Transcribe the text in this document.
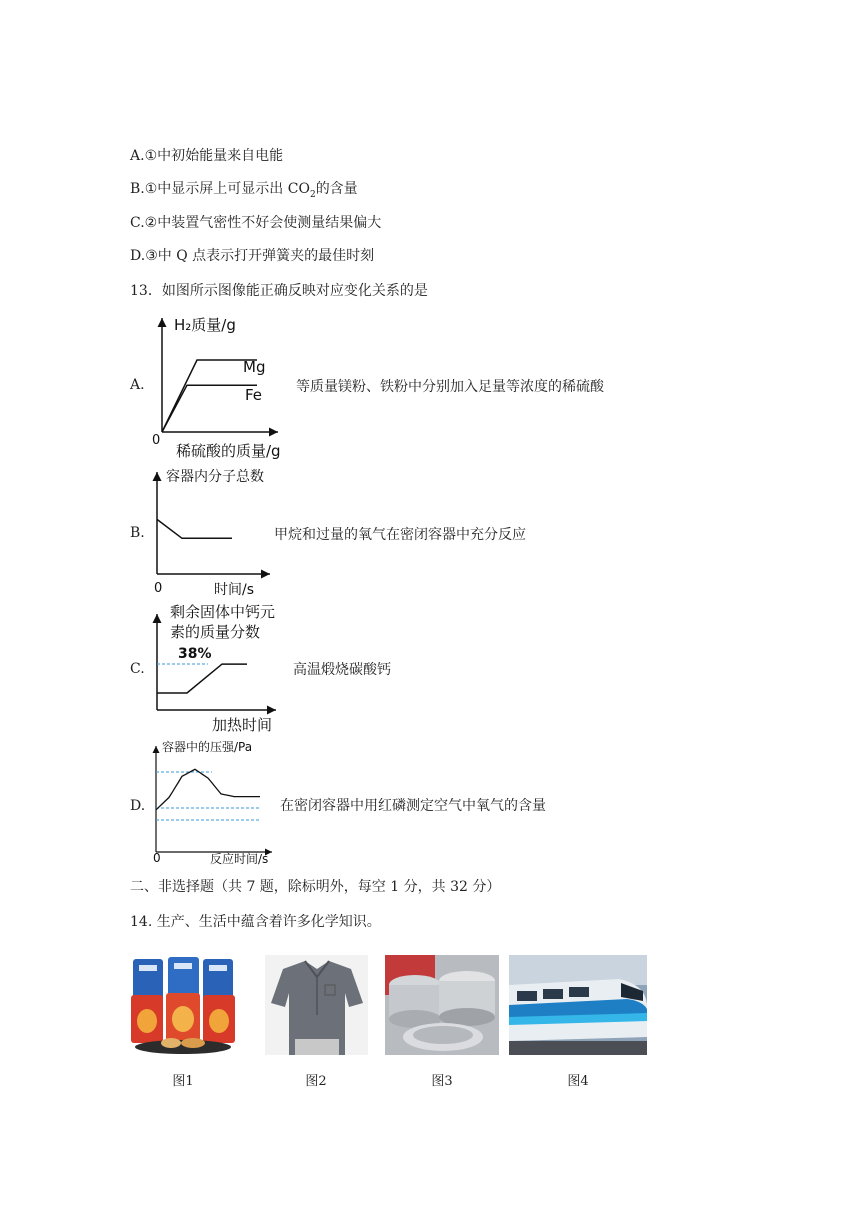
A.①中初始能量来自电能
B.①中显示屏上可显示出 $CO_2$的含量
C.②中装置气密性不好会使测量结果偏大
D.③中 Q 点表示打开弹簧夹的最佳时刻
13．如图所示图像能正确反映对应变化关系的是
A.
H₂质量/g
0
稀硫酸的质量/g
Mg
Fe 等质量镁粉、铁粉中分别加入足量等浓度的稀硫酸
B.
容器内分子总数
0	时间/s
甲烷和过量的氧气在密闭容器中充分反应
C.
剩余固体中钙元
素的质量分数
38%
加热时间
高温煅烧碳酸钙
D.
容器中的压强/Pa
0	反应时间/s
在密闭容器中用红磷测定空气中氧气的含量
二、非选择题（共 7 题，除标明外，每空 1 分，共 32 分）
14. 生产、生活中蕴含着许多化学知识。
图1	图2	图3	图4
